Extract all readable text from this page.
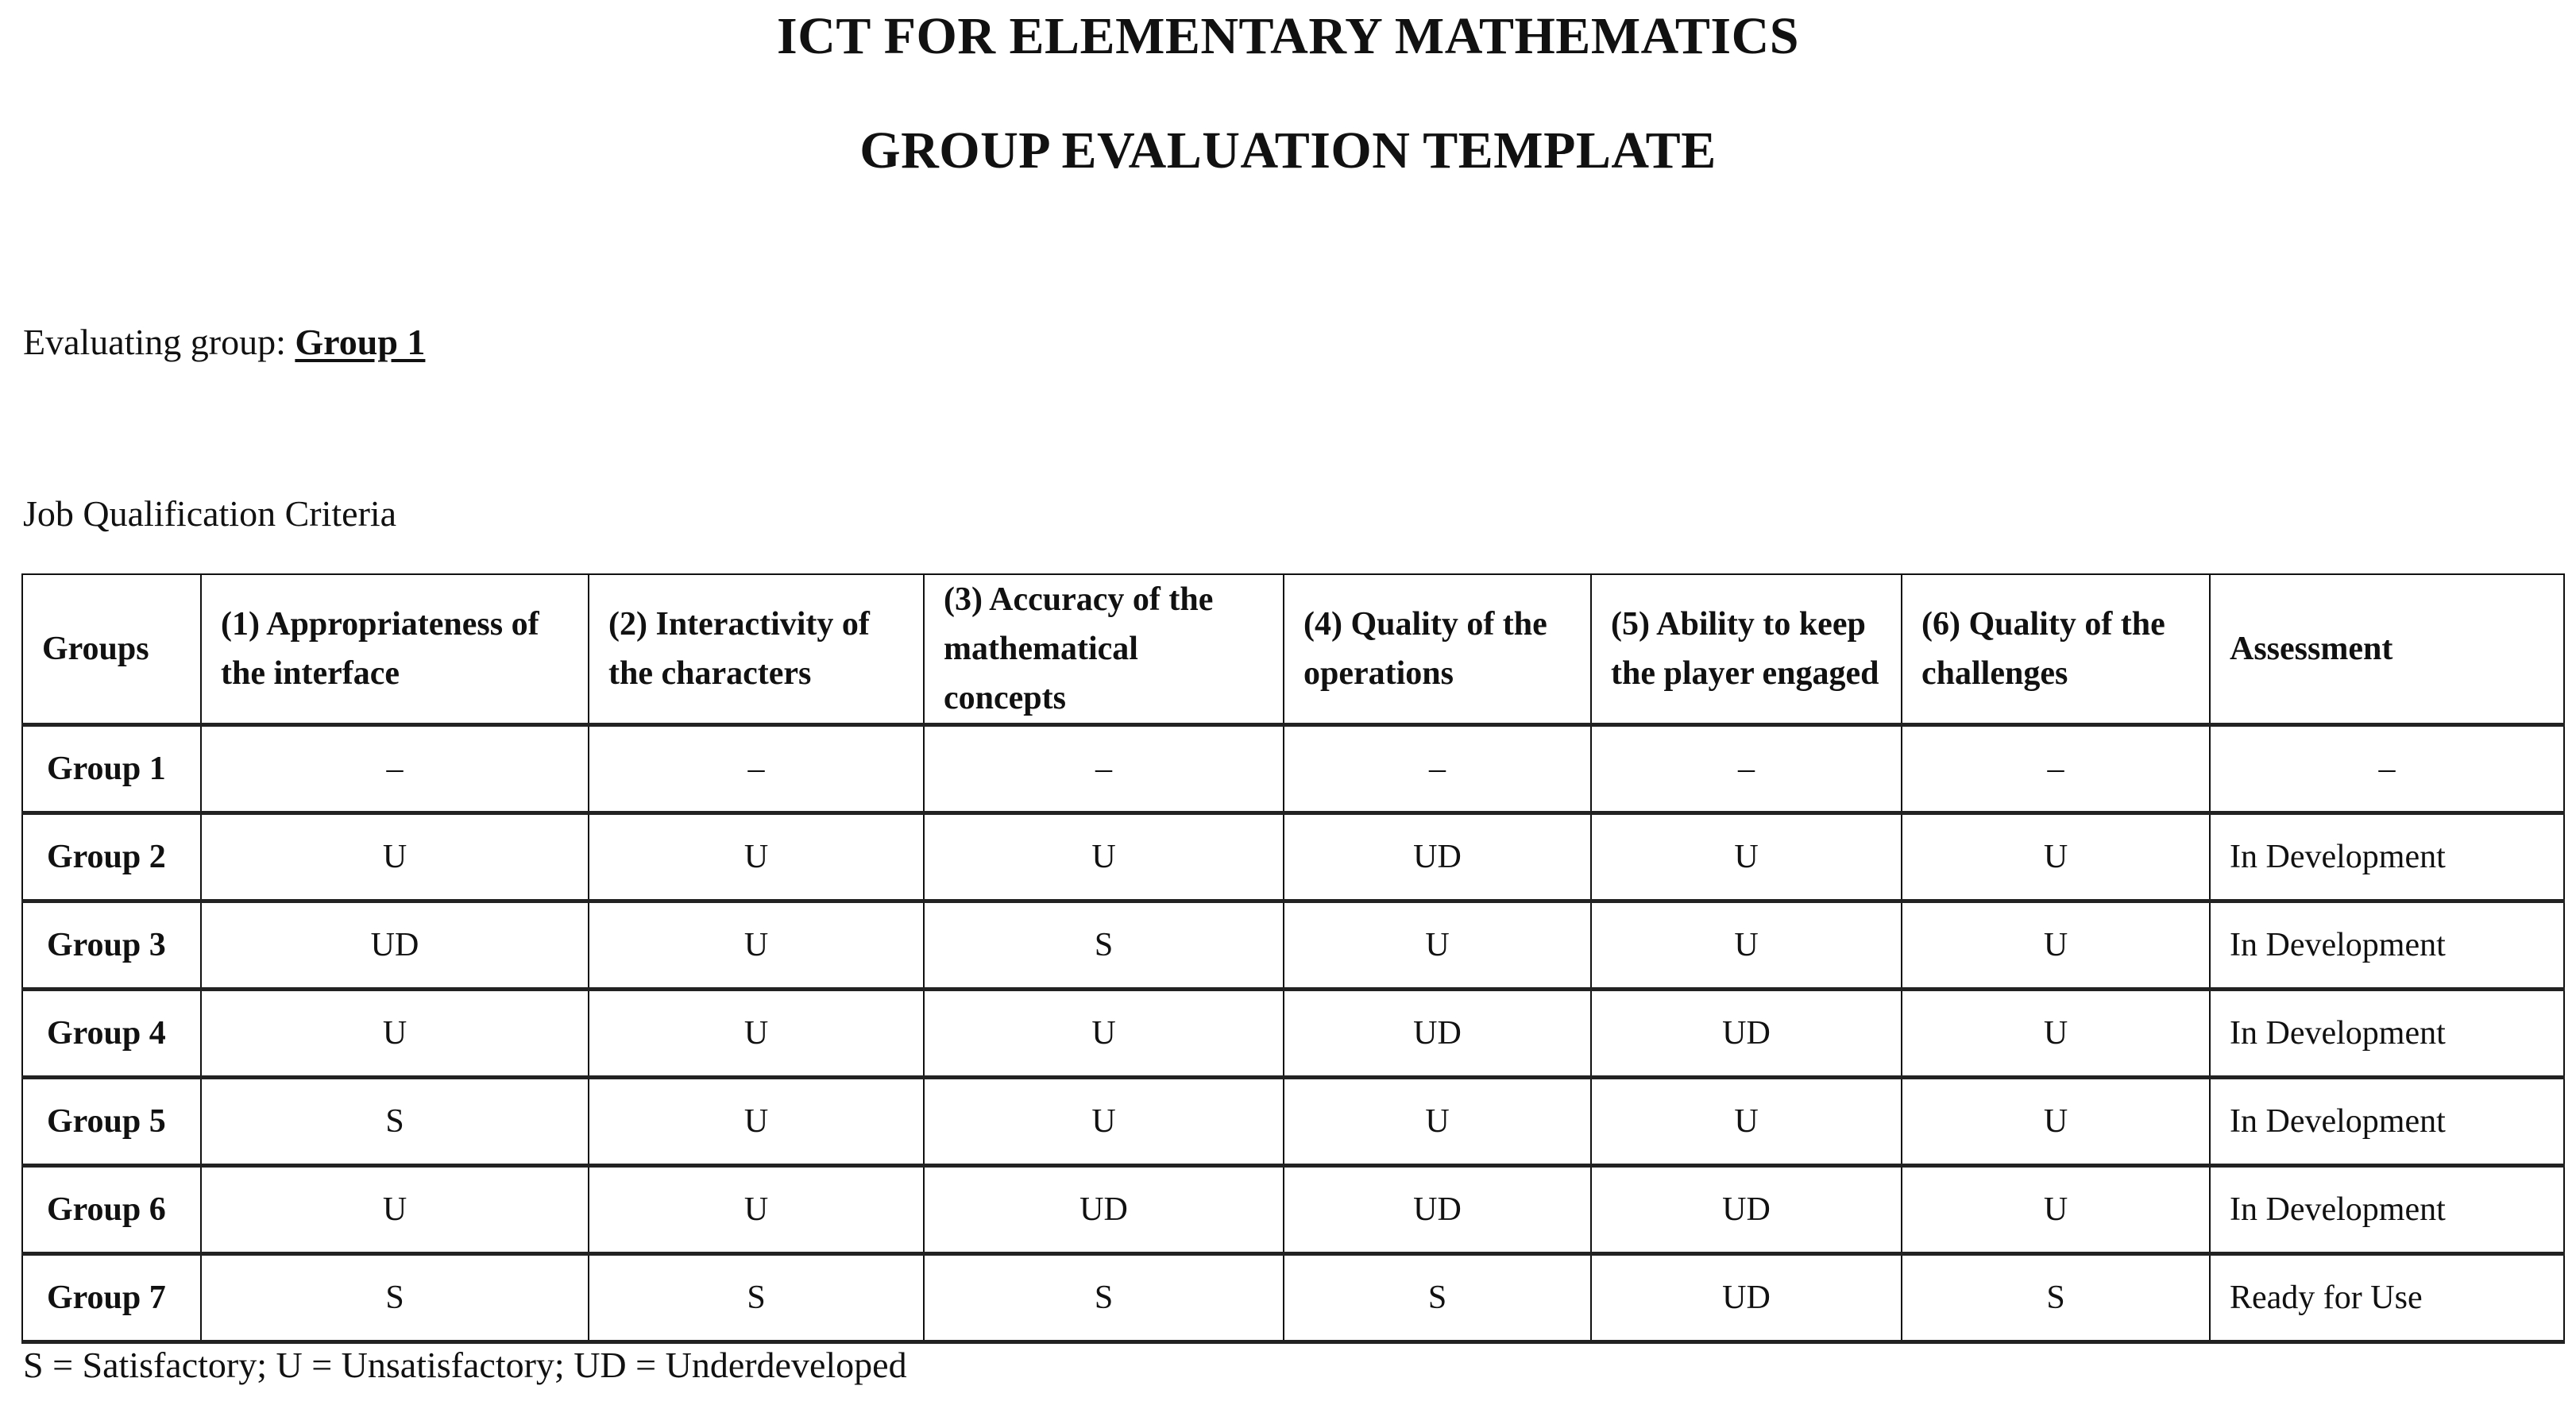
ICT FOR ELEMENTARY MATHEMATICS
GROUP EVALUATION TEMPLATE
Evaluating group: Group 1
Job Qualification Criteria
Groups	(1) Appropriateness of the interface	(2) Interactivity of the characters	(3) Accuracy of the mathematical concepts	(4) Quality of the operations	(5) Ability to keep the player engaged	(6) Quality of the challenges	Assessment
Group 1	–	–	–	–	–	–	–
Group 2	U	U	U	UD	U	U	In Development
Group 3	UD	U	S	U	U	U	In Development
Group 4	U	U	U	UD	UD	U	In Development
Group 5	S	U	U	U	U	U	In Development
Group 6	U	U	UD	UD	UD	U	In Development
Group 7	S	S	S	S	UD	S	Ready for Use
S = Satisfactory; U = Unsatisfactory; UD = Underdeveloped
